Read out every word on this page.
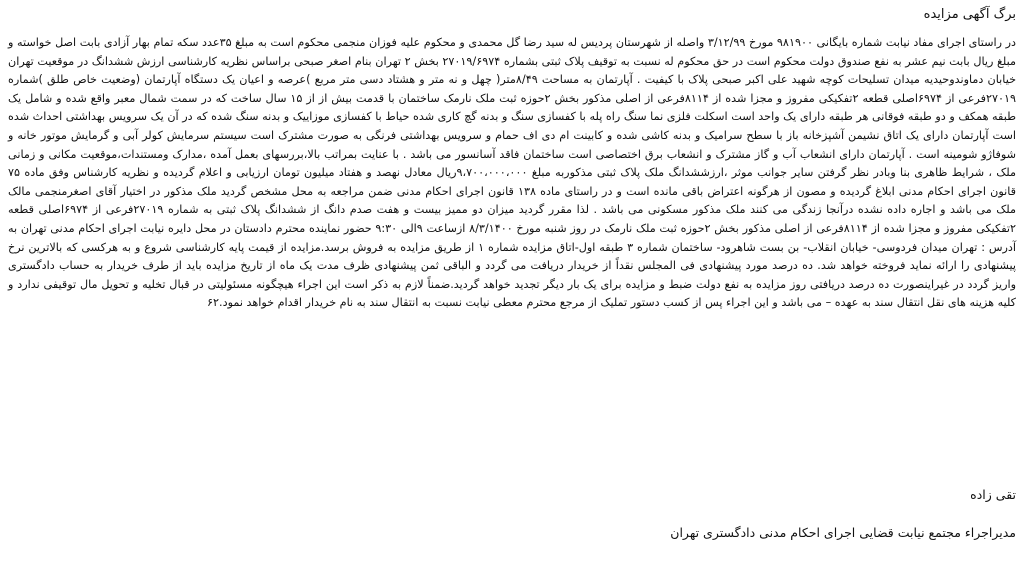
برگ آگهی مزایده

در راستای اجرای مفاد نیابت شماره بایگانی ۹۸۱۹۰۰ مورخ ۳/۱۲/۹۹ واصله از شهرستان پردیس له سید رضا گل محمدی و محکوم علیه فوزان منجمی محکوم است به مبلغ ۳۵عدد سکه تمام بهار آزادی بابت اصل خواسته و مبلغ ریال بابت نیم عشر به نفع صندوق دولت محکوم است در حق محکوم له نسبت به توقیف پلاک ثبتی بشماره ۲۷۰۱۹/۶۹۷۴ بخش ۲ تهران بنام اصغر صبحی براساس نظریه کارشناسی ارزش ششدانگ در موقعیت تهران خیابان دماوندوحیدیه میدان تسلیحات کوچه شهید علی اکبر صبحی پلاک با کیفیت . آپارتمان به مساحت ۸/۴۹متر( چهل و نه متر و هشتاد دسی متر مربع )عرصه و اعیان یک دستگاه آپارتمان (وضعیت خاص طلق )شماره ۲۷۰۱۹فرعی از ۶۹۷۴اصلی قطعه ۲تفکیکی مفروز و مجزا شده از ۸۱۱۴فرعی از اصلی مذکور بخش ۲حوزه ثبت ملک نارمک ساختمان با قدمت بیش از از ۱۵ سال ساخت که در سمت شمال معبر واقع شده و شامل یک طبقه همکف و دو طبقه فوقانی هر طبقه دارای یک واحد است اسکلت فلزی نما سنگ راه پله با کفسازی سنگ و بدنه گچ کاری شده حیاط با کفسازی موزاییک و بدنه سنگ شده که در آن یک سرویس بهداشتی احداث شده است آپارتمان دارای یک اتاق نشیمن آشپزخانه باز با سطح سرامیک و بدنه کاشی شده و کابینت ام دی اف حمام و سرویس بهداشتی فرنگی به صورت مشترک است سیستم سرمایش کولر آبی و گرمایش موتور خانه و شوفاژو شومینه است . آپارتمان دارای انشعاب آب و گاز مشترک و انشعاب برق اختصاصی است ساختمان فاقد آسانسور می باشد . با عنایت بمراتب بالا،بررسهای بعمل آمده ،مدارک ومستندات،موقعیت مکانی و زمانی ملک ، شرایط ظاهری بنا وبادر نظر گرفتن سایر جوانب موثر ،ارزششدانگ ملک پلاک ثبتی مذکوربه مبلغ ۹،۷۰۰،۰۰۰،۰۰۰ریال معادل نهصد و هفتاد میلیون تومان ارزیابی و اعلام گردیده و نظریه کارشناس وفق ماده ۷۵ قانون اجرای احکام مدنی ابلاغ گردیده و مصون از هرگونه اعتراض باقی مانده است و در راستای ماده ۱۳۸ قانون اجرای احکام مدنی ضمن مراجعه به محل مشخص گردید ملک مذکور در اختیار آقای اصغرمنجمی مالک ملک می باشد و اجاره داده نشده درآنجا زندگی می کنند ملک مذکور مسکونی می باشد . لذا مقرر گردید میزان دو ممیز بیست و هفت صدم دانگ از ششدانگ پلاک ثبتی به شماره ۲۷۰۱۹فرعی از ۶۹۷۴اصلی قطعه ۲تفکیکی مفروز و مجزا شده از ۸۱۱۴فرعی از اصلی مذکور بخش ۲حوزه ثبت ملک نارمک در روز شنبه مورخ ۸/۳/۱۴۰۰ ازساعت ۹الی ۹:۳۰ حضور نماینده محترم دادستان در محل دایره نیابت اجرای احکام مدنی تهران به آدرس : تهران میدان فردوسی- خیابان انقلاب- بن بست شاهرود- ساختمان شماره ۳ طبقه اول-اتاق مزایده شماره ۱ از طریق مزایده به فروش برسد.مزایده از قیمت پایه کارشناسی شروع و به هرکسی که بالاترین نرخ پیشنهادی را ارائه نماید فروخته خواهد شد. ده درصد مورد پیشنهادی فی المجلس نقداً از خریدار دریافت می گردد و الباقی ثمن پیشنهادی ظرف مدت یک ماه از تاریخ مزایده باید از طرف خریدار به حساب دادگستری واریز گردد در غیراینصورت ده درصد دریافتی روز مزایده به نفع دولت ضبط و مزایده برای یک بار دیگر تجدید خواهد گردید.ضمناً لازم به ذکر است این اجراء هیچگونه مسئولیتی در قبال تخلیه و تحویل مال توقیفی ندارد و کلیه هزینه های نقل انتقال سند به عهده – می باشد و این اجراء پس از کسب دستور تملیک از مرجع محترم معطی نیابت نسبت به انتقال سند به نام خریدار اقدام خواهد نمود.۶۲

تقی زاده

مدیراجراء مجتمع نیابت قضایی اجرای احکام مدنی دادگستری تهران
